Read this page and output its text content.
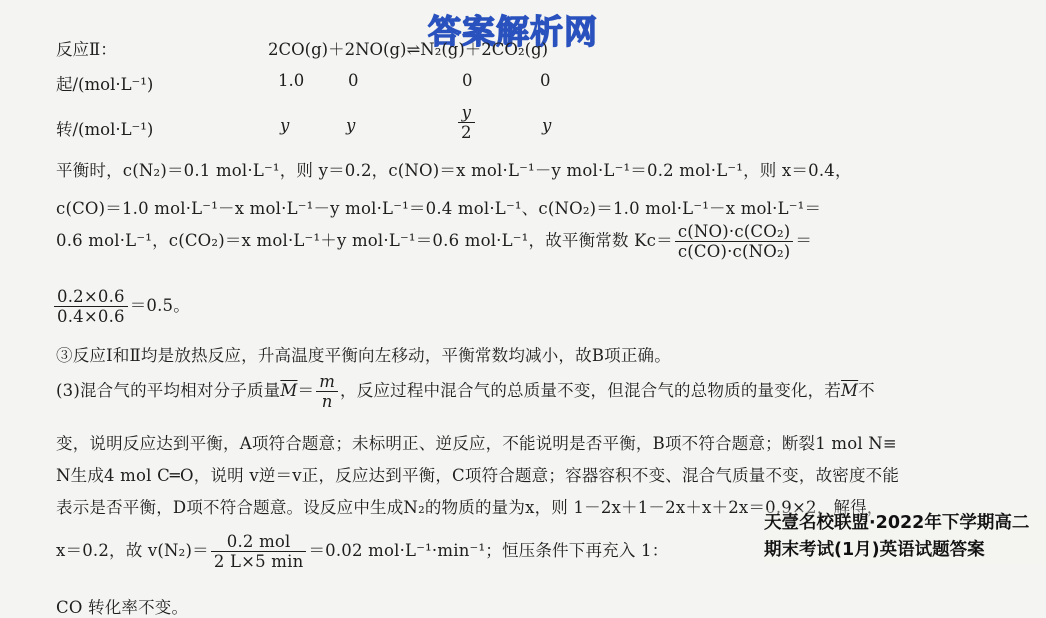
答案解析网
反应Ⅱ：	2CO(g)＋2NO(g)⇌N₂(g)＋2CO₂(g)
起/(mol·L⁻¹)	1.0	0	0	0
转/(mol·L⁻¹)	y	y	$\frac{y}{2}$	y
平衡时，c(N₂)＝0.1 mol·L⁻¹，则 y＝0.2，c(NO)＝x mol·L⁻¹－y mol·L⁻¹＝0.2 mol·L⁻¹，则 x＝0.4，
c(CO)＝1.0 mol·L⁻¹－x mol·L⁻¹－y mol·L⁻¹＝0.4 mol·L⁻¹、c(NO₂)＝1.0 mol·L⁻¹－x mol·L⁻¹＝
0.6 mol·L⁻¹，c(CO₂)＝x mol·L⁻¹＋y mol·L⁻¹＝0.6 mol·L⁻¹，故平衡常数 $Kc= \frac{\text{c(NO)·c(CO₂)}}{\text{c(CO)·c(NO₂)}}$ ＝
$\frac{0.2\times 0.6}{0.4\times 0.6} =0.5$。
③反应Ⅰ和Ⅱ均是放热反应，升高温度平衡向左移动，平衡常数均减小，故B项正确。
(3)混合气的平均相对分子质量$\overline{M}= \frac{m}{n}$ ，反应过程中混合气的总质量不变，但混合气的总物质的量变化，若$\overline{M}$不
变，说明反应达到平衡，A项符合题意；未标明正、逆反应，不能说明是否平衡，B项不符合题意；断裂1 mol N≡
N生成4 mol C═O，说明 v逆＝v正，反应达到平衡，C项符合题意；容器容积不变、混合气质量不变，故密度不能
表示是否平衡，D项不符合题意。设反应中生成N₂的物质的量为x，则 1－2x＋1－2x＋x＋2x＝0.9×2，解得，
x＝0.2，故 $v(N_2)= \frac{\text{0.2 mol}}{2 L\times 5 \min} =0.02$ mol·L⁻¹·min⁻¹；恒压条件下再充入 1：
CO 转化率不变。
天壹名校联盟·2022年下学期高二期末考试(1月)英语试题答案
